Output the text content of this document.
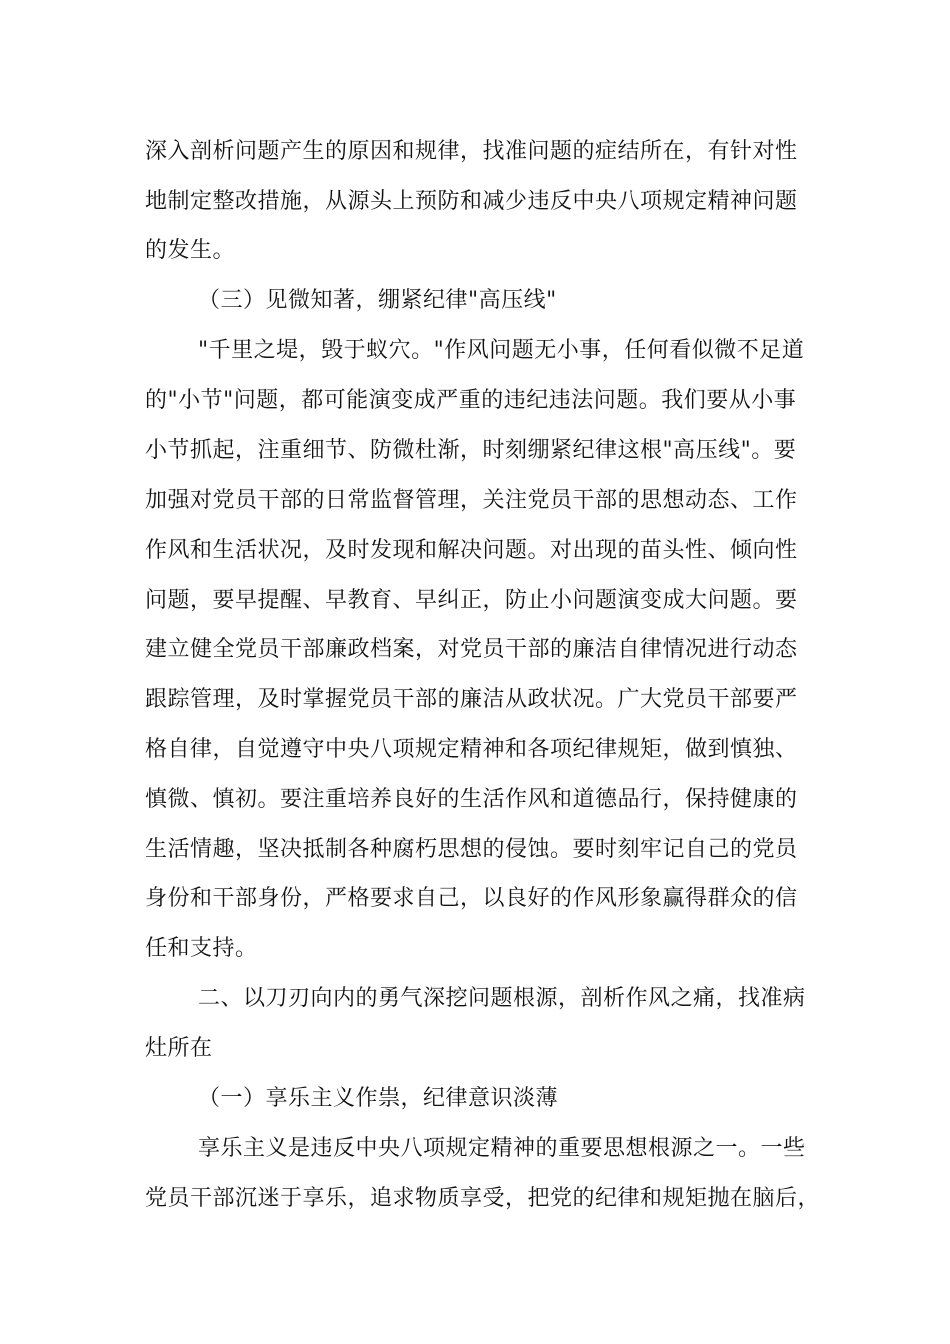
深入剖析问题产生的原因和规律，找准问题的症结所在，有针对性
地制定整改措施，从源头上预防和减少违反中央八项规定精神问题
的发生。
（三）见微知著，绷紧纪律"高压线"
"千里之堤，毁于蚁穴。"作风问题无小事，任何看似微不足道
的"小节"问题，都可能演变成严重的违纪违法问题。我们要从小事
小节抓起，注重细节、防微杜渐，时刻绷紧纪律这根"高压线"。要
加强对党员干部的日常监督管理，关注党员干部的思想动态、工作
作风和生活状况，及时发现和解决问题。对出现的苗头性、倾向性
问题，要早提醒、早教育、早纠正，防止小问题演变成大问题。要
建立健全党员干部廉政档案，对党员干部的廉洁自律情况进行动态
跟踪管理，及时掌握党员干部的廉洁从政状况。广大党员干部要严
格自律，自觉遵守中央八项规定精神和各项纪律规矩，做到慎独、
慎微、慎初。要注重培养良好的生活作风和道德品行，保持健康的
生活情趣，坚决抵制各种腐朽思想的侵蚀。要时刻牢记自己的党员
身份和干部身份，严格要求自己，以良好的作风形象赢得群众的信
任和支持。
二、以刀刃向内的勇气深挖问题根源，剖析作风之痛，找准病
灶所在
（一）享乐主义作祟，纪律意识淡薄
享乐主义是违反中央八项规定精神的重要思想根源之一。一些
党员干部沉迷于享乐，追求物质享受，把党的纪律和规矩抛在脑后，
